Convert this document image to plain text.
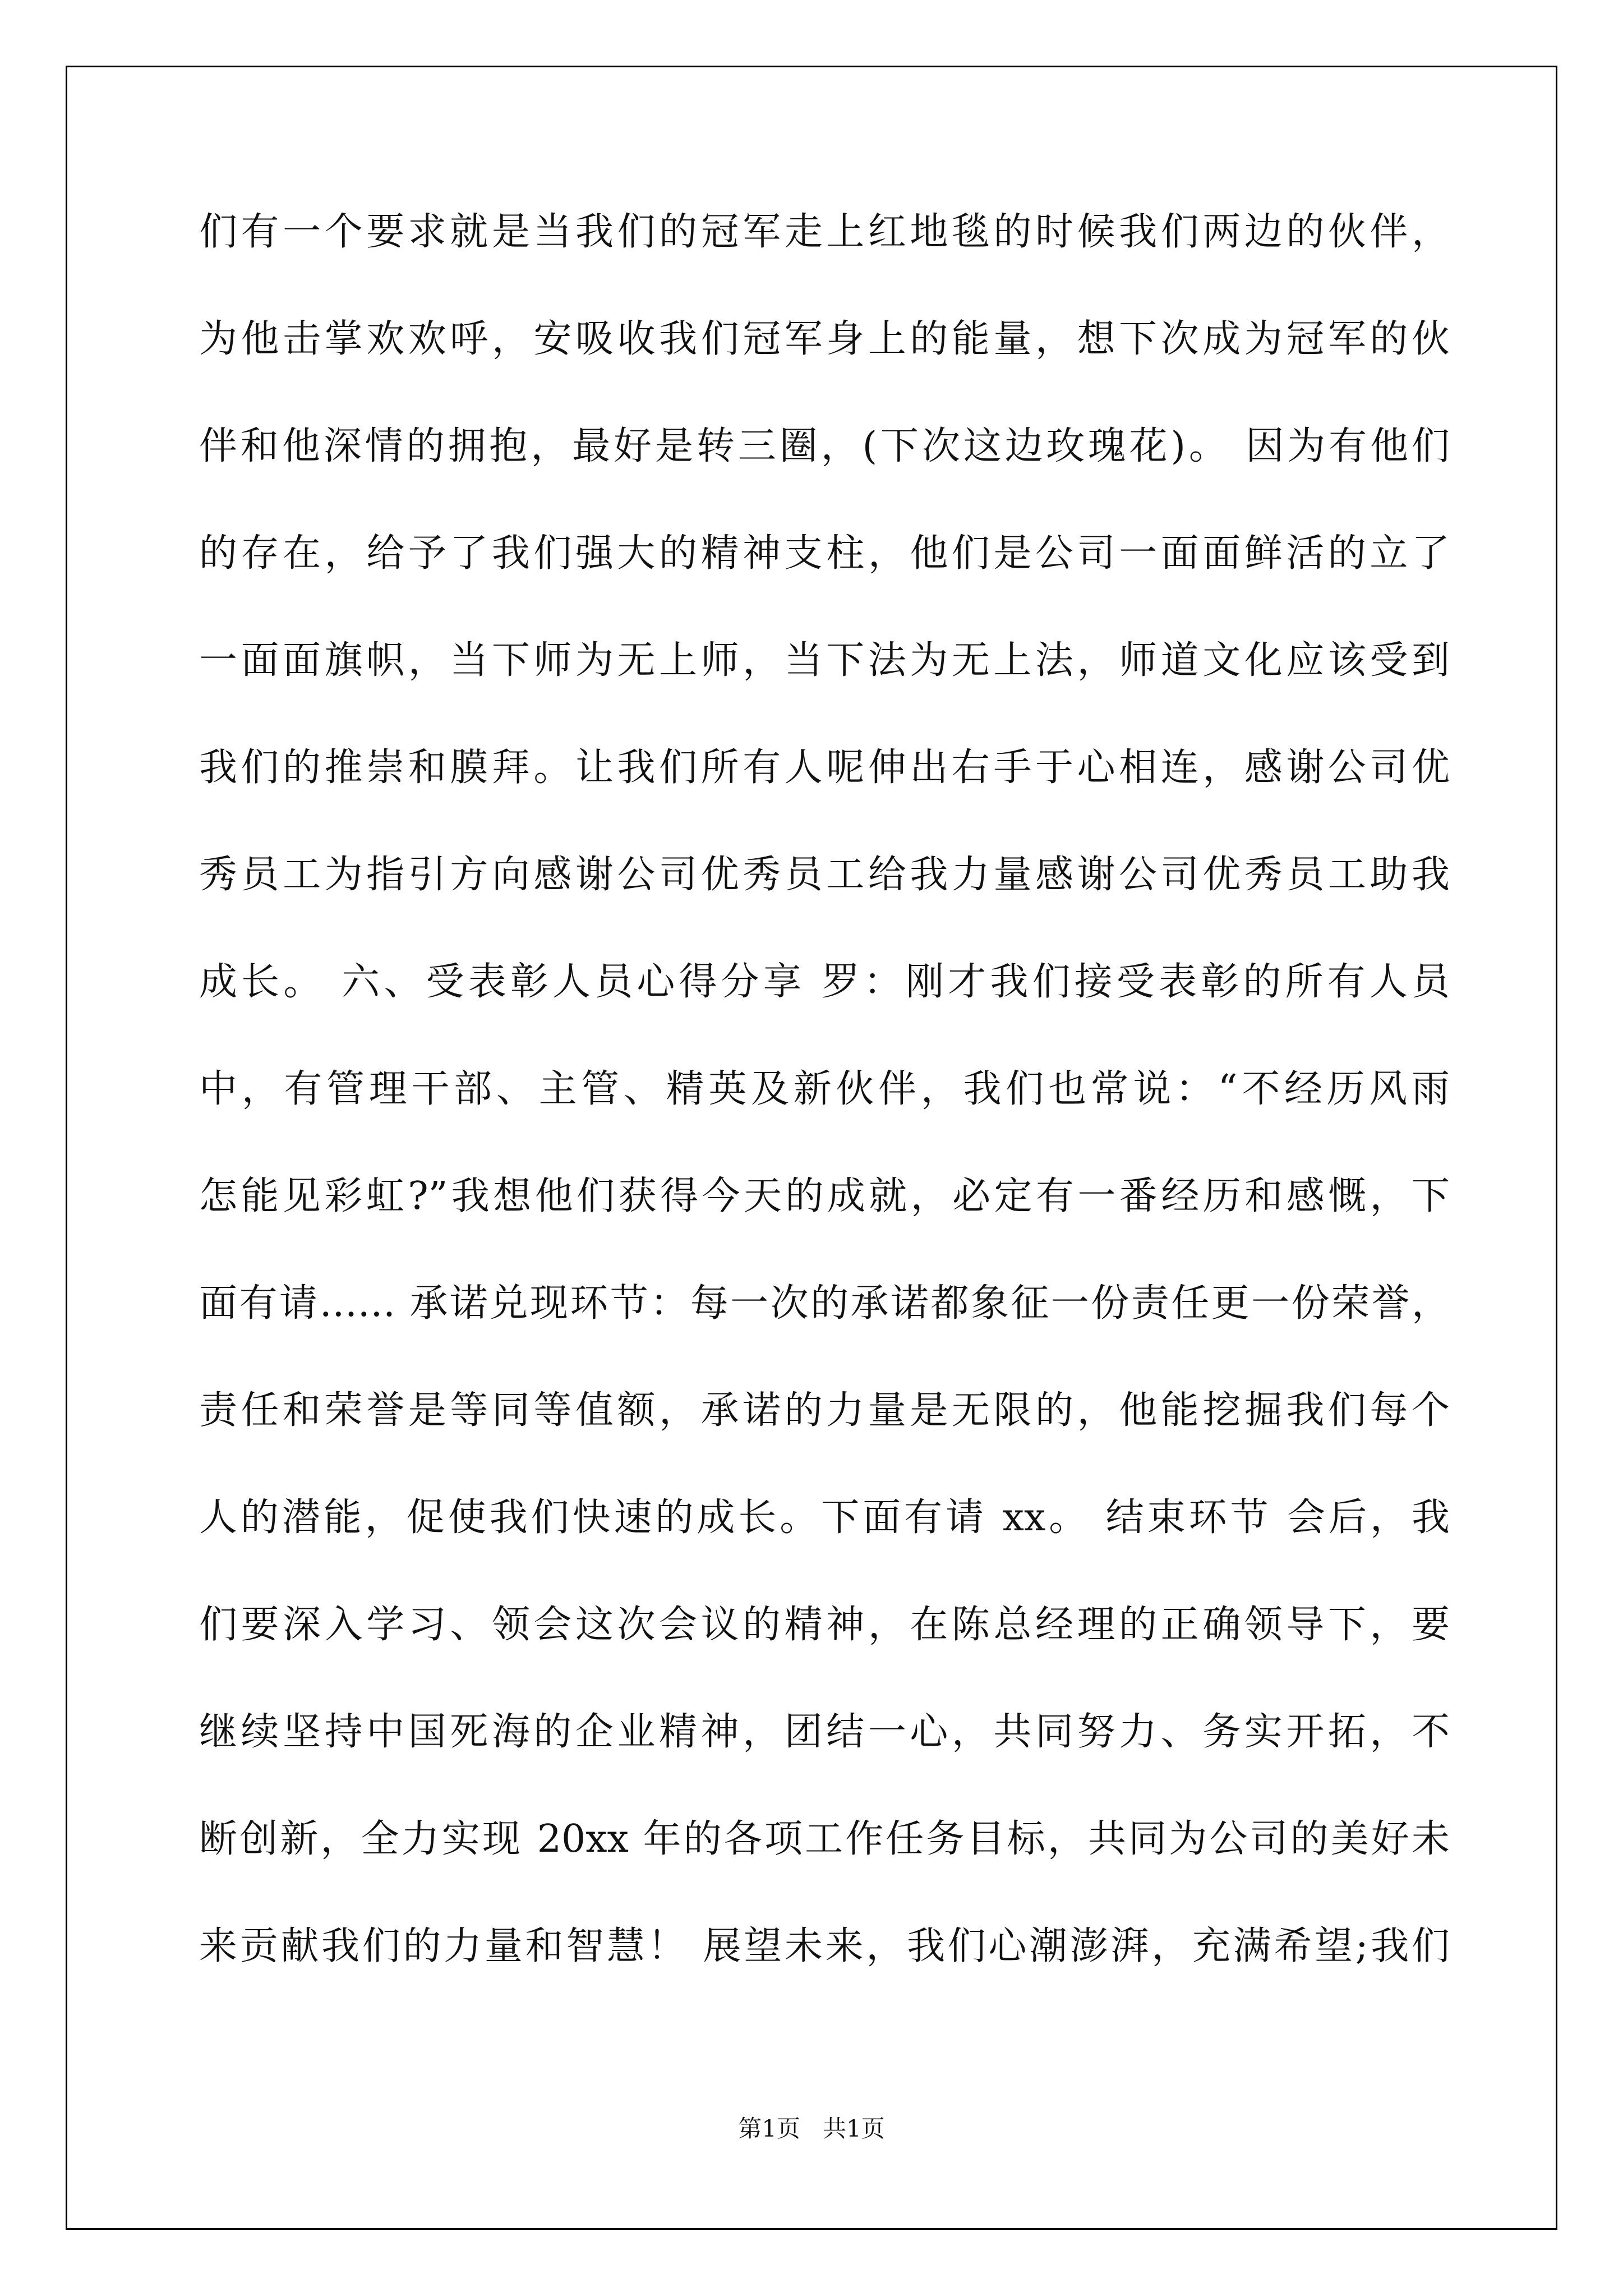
们有一个要求就是当我们的冠军走上红地毯的时候我们两边的伙伴，
为他击掌欢欢呼，安吸收我们冠军身上的能量，想下次成为冠军的伙
伴和他深情的拥抱，最好是转三圈，(下次这边玫瑰花)。 因为有他们
的存在，给予了我们强大的精神支柱，他们是公司一面面鲜活的立了
一面面旗帜，当下师为无上师，当下法为无上法，师道文化应该受到
我们的推崇和膜拜。让我们所有人呢伸出右手于心相连，感谢公司优
秀员工为指引方向感谢公司优秀员工给我力量感谢公司优秀员工助我
成长。 六、受表彰人员心得分享 罗：刚才我们接受表彰的所有人员
中，有管理干部、主管、精英及新伙伴，我们也常说：“不经历风雨
怎能见彩虹?”我想他们获得今天的成就，必定有一番经历和感慨，下
面有请…… 承诺兑现环节：每一次的承诺都象征一份责任更一份荣誉，
责任和荣誉是等同等值额，承诺的力量是无限的，他能挖掘我们每个
人的潜能，促使我们快速的成长。下面有请 xx。 结束环节 会后，我
们要深入学习、领会这次会议的精神，在陈总经理的正确领导下，要
继续坚持中国死海的企业精神，团结一心，共同努力、务实开拓，不
断创新，全力实现 20xx 年的各项工作任务目标，共同为公司的美好未
来贡献我们的力量和智慧！ 展望未来，我们心潮澎湃，充满希望;我们
第1页   共1页
